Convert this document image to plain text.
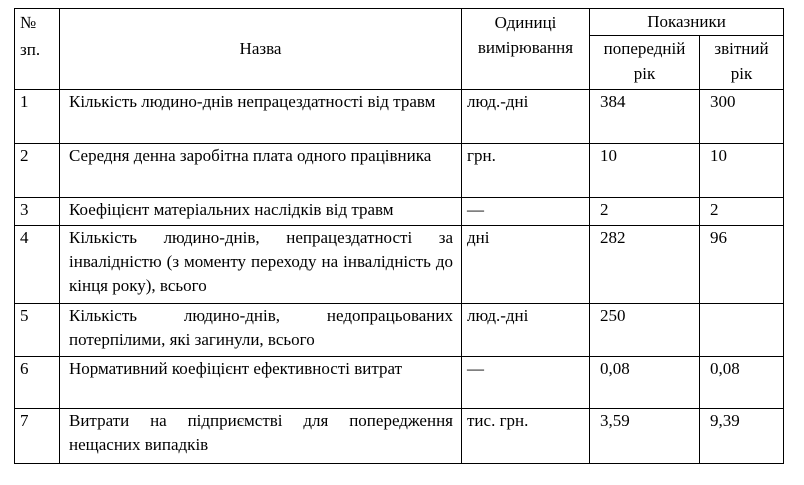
№ зп.	Назва	Одиниці вимірювання	Показники	

			попередній рік	звітний рік

1	Кількість людино-днів непрацездатності від травм	люд.-дні	384	300
2	Середня денна заробітна плата одного працівника	грн.	10	10
3	Коефіцієнт матеріальних наслідків від травм	—	2	2
4	Кількість людино-днів, непрацездатності за інвалідністю (з моменту переходу на інвалідність до кінця року), всього	дні	282	96
5	Кількість людино-днів, недопрацьованих потерпілими, які загинули, всього	люд.-дні	250	
6	Нормативний коефіцієнт ефективності витрат	—	0,08	0,08
7	Витрати на підприємстві для попередження нещасних випадків	тис. грн.	3,59	9,39
